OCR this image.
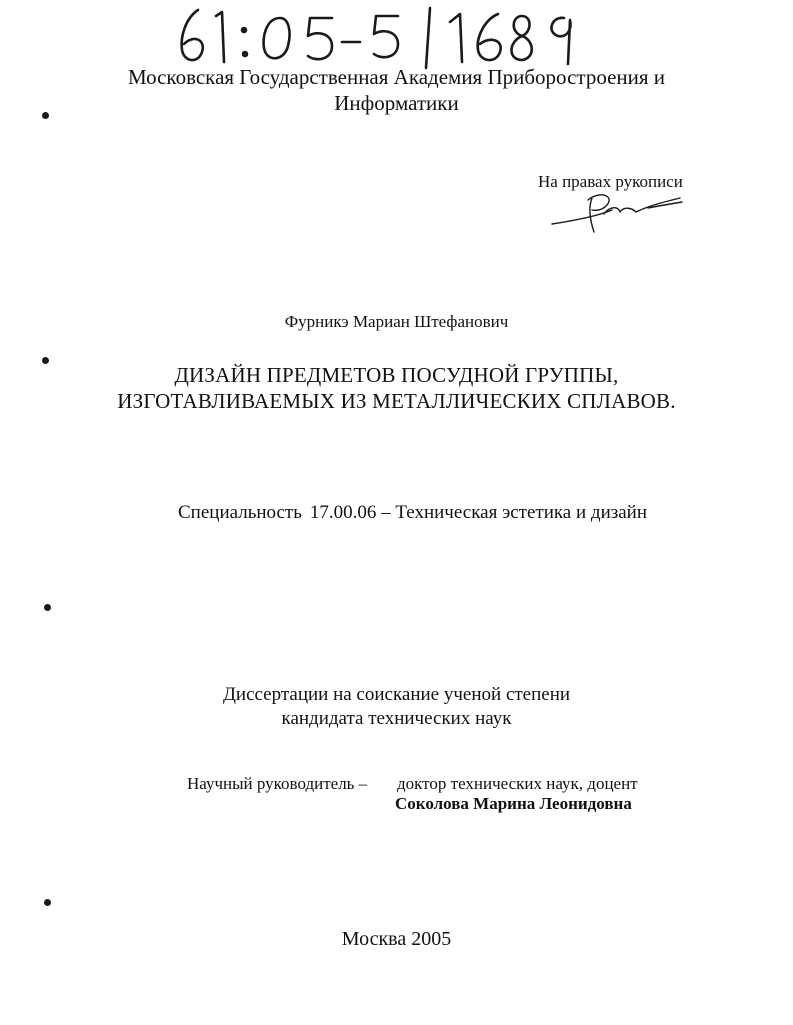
Московская Государственная Академия Приборостроения и
Информатики
На правах рукописи
Фурникэ Мариан Штефанович
ДИЗАЙН ПРЕДМЕТОВ ПОСУДНОЙ ГРУППЫ,
ИЗГОТАВЛИВАЕМЫХ ИЗ МЕТАЛЛИЧЕСКИХ СПЛАВОВ.
Специальность 17.00.06 – Техническая эстетика и дизайн
Диссертации на соискание ученой степени
кандидата технических наук
Научный руководитель – доктор технических наук, доцент
Соколова Марина Леонидовна
Москва 2005
